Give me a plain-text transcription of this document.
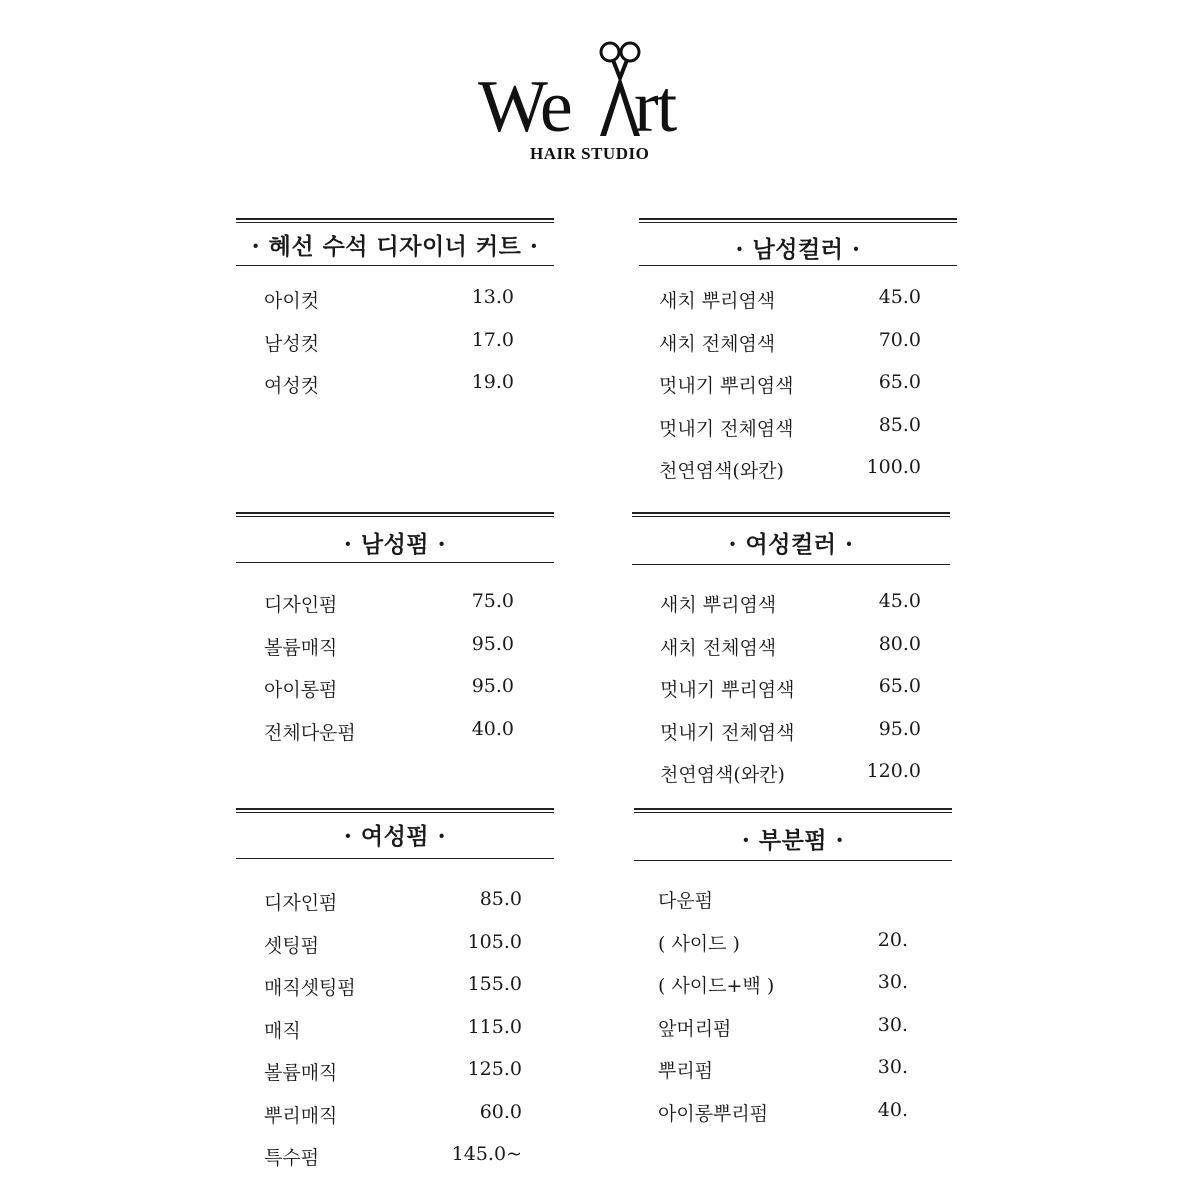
We rt
HAIR STUDIO
· 혜선 수석 디자이너 커트 ·
아이컷	13.0
남성컷	17.0
여성컷	19.0
· 남성컬러 ·
새치 뿌리염색	45.0
새치 전체염색	70.0
멋내기 뿌리염색	65.0
멋내기 전체염색	85.0
천연염색(와칸)	100.0
· 남성펌 ·
디자인펌	75.0
볼륨매직	95.0
아이롱펌	95.0
전체다운펌	40.0
· 여성컬러 ·
새치 뿌리염색	45.0
새치 전체염색	80.0
멋내기 뿌리염색	65.0
멋내기 전체염색	95.0
천연염색(와칸)	120.0
· 여성펌 ·
디자인펌	85.0
셋팅펌	105.0
매직셋팅펌	155.0
매직	115.0
볼륨매직	125.0
뿌리매직	60.0
특수펌	145.0~
· 부분펌 ·
다운펌
( 사이드 )	20.
( 사이드+백 )	30.
앞머리펌	30.
뿌리펌	30.
아이롱뿌리펌	40.
